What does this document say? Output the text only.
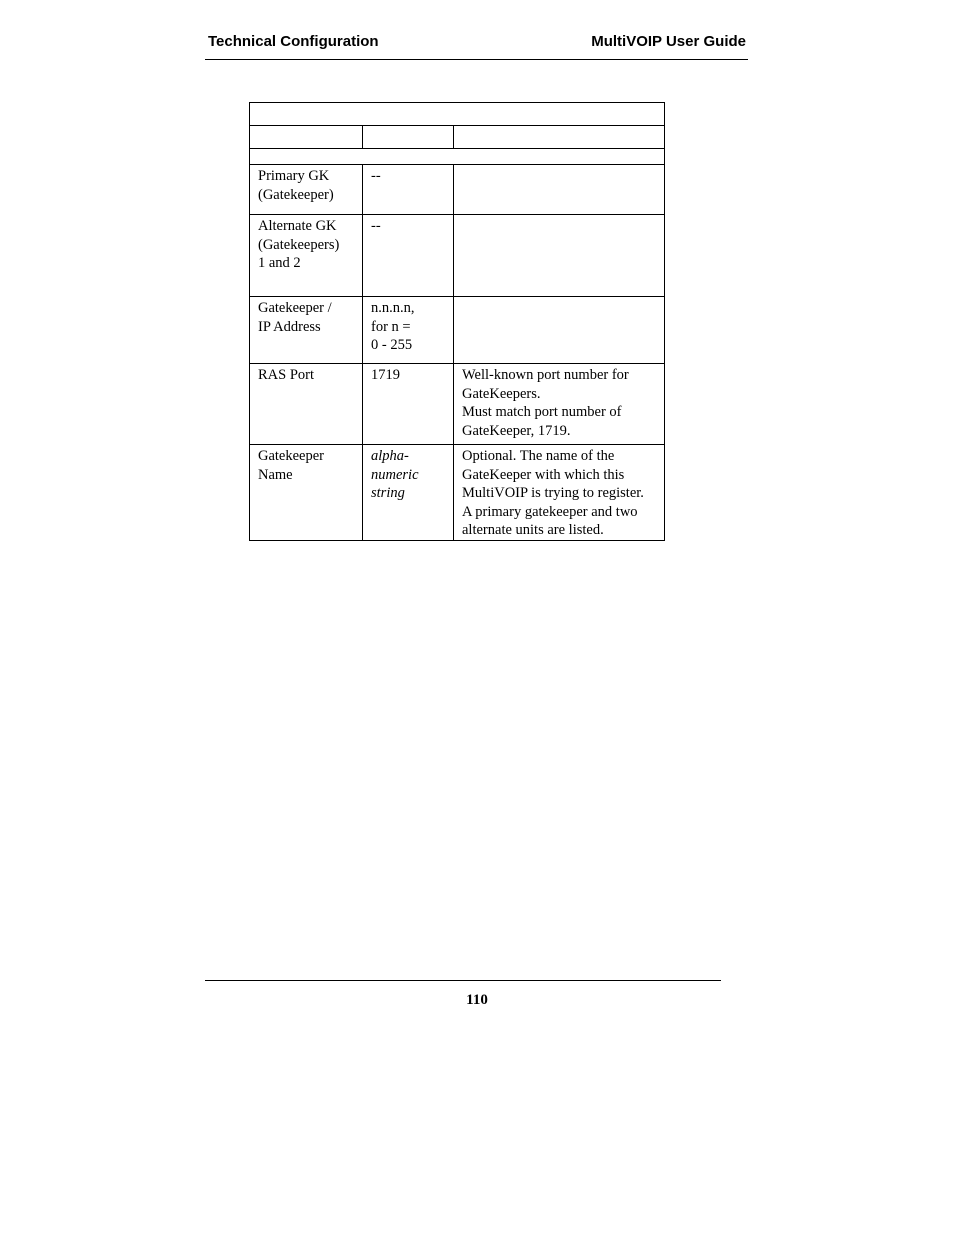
Technical Configuration	MultiVOIP User Guide

Primary GK
(Gatekeeper)	--	

Alternate GK
(Gatekeepers)
1 and 2	--	

Gatekeeper /
IP Address	n.n.n.n,
for n =
0 - 255	

RAS Port	1719	Well-known port number for
GateKeepers.
Must match port number of
GateKeeper, 1719.

Gatekeeper
Name	alpha-
numeric
string	Optional. The name of the
GateKeeper with which this
MultiVOIP is trying to register.
A primary gatekeeper and two
alternate units are listed.
110
